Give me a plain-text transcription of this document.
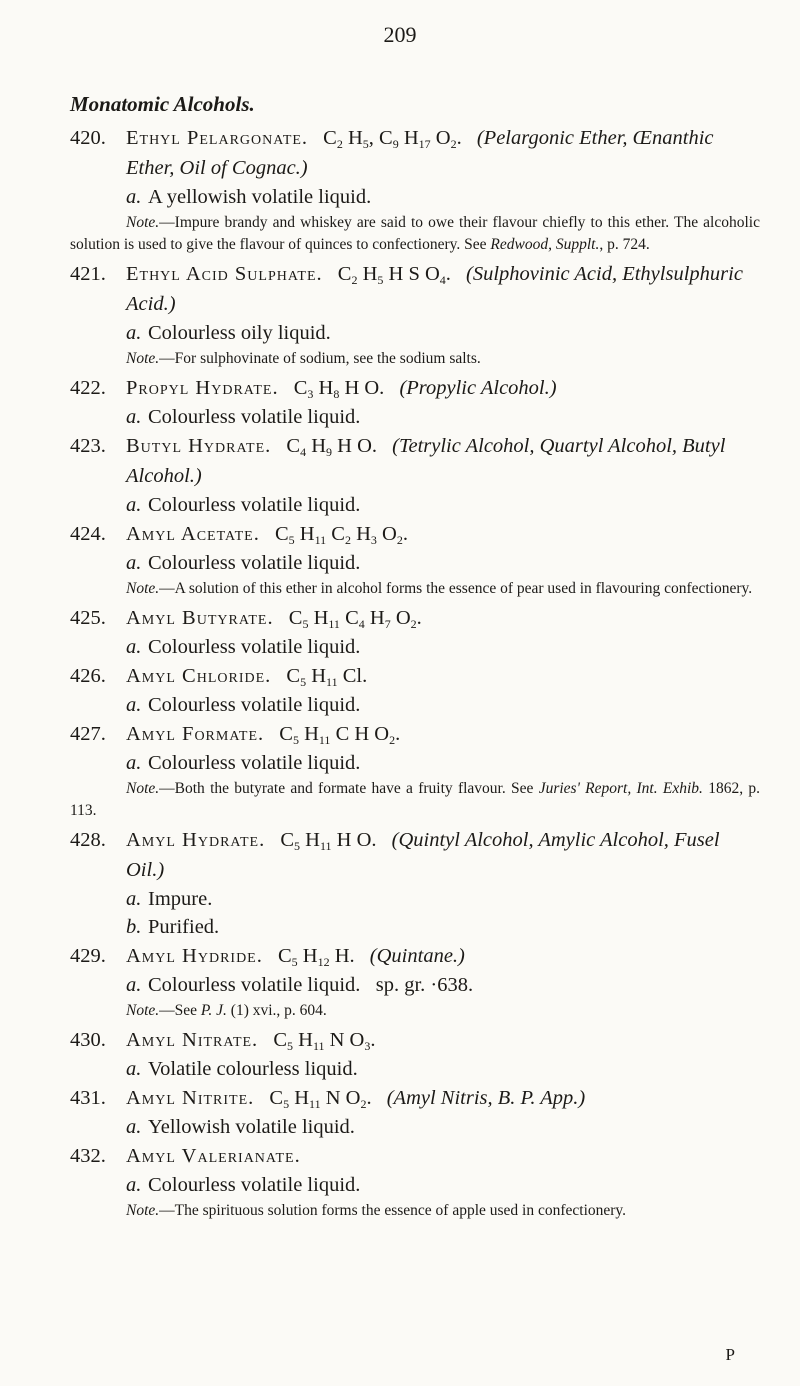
209
Monatomic Alcohols.
420. Ethyl Pelargonate. $C_2$ $H_5$, $C_9$ $H_{17}$ $O_2$. (Pelargonic Ether, Œnanthic Ether, Oil of Cognac.)
a. A yellowish volatile liquid.
Note.—Impure brandy and whiskey are said to owe their flavour chiefly to this ether. The alcoholic solution is used to give the flavour of quinces to confectionery. See Redwood, Supplt., p. 724.
421. Ethyl Acid Sulphate. $C_2$ $H_5$ H S $O_4$. (Sulphovinic Acid, Ethylsulphuric Acid.)
a. Colourless oily liquid.
Note.—For sulphovinate of sodium, see the sodium salts.
422. Propyl Hydrate. $C_3$ $H_8$ H O. (Propylic Alcohol.)
a. Colourless volatile liquid.
423. Butyl Hydrate. $C_4$ $H_9$ H O. (Tetrylic Alcohol, Quartyl Alcohol, Butyl Alcohol.)
a. Colourless volatile liquid.
424. Amyl Acetate. $C_5$ $H_{11}$ $C_2$ $H_3$ $O_2$.
a. Colourless volatile liquid.
Note.—A solution of this ether in alcohol forms the essence of pear used in flavouring confectionery.
425. Amyl Butyrate. $C_5$ $H_{11}$ $C_4$ $H_7$ $O_2$.
a. Colourless volatile liquid.
426. Amyl Chloride. $C_5$ $H_{11}$ Cl.
a. Colourless volatile liquid.
427. Amyl Formate. $C_5$ $H_{11}$ C H $O_2$.
a. Colourless volatile liquid.
Note.—Both the butyrate and formate have a fruity flavour. See Juries' Report, Int. Exhib. 1862, p. 113.
428. Amyl Hydrate. $C_5$ $H_{11}$ H O. (Quintyl Alcohol, Amylic Alcohol, Fusel Oil.)
a. Impure.
b. Purified.
429. Amyl Hydride. $C_5$ $H_{12}$ H. (Quintane.)
a. Colourless volatile liquid.   sp. gr. ·638.
Note.—See P. J. (1) xvi., p. 604.
430. Amyl Nitrate. $C_5$ $H_{11}$ N $O_3$.
a. Volatile colourless liquid.
431. Amyl Nitrite. $C_5$ $H_{11}$ N $O_2$. (Amyl Nitris, B. P. App.)
a. Yellowish volatile liquid.
432. Amyl Valerianate.
a. Colourless volatile liquid.
Note.—The spirituous solution forms the essence of apple used in confectionery.
P
